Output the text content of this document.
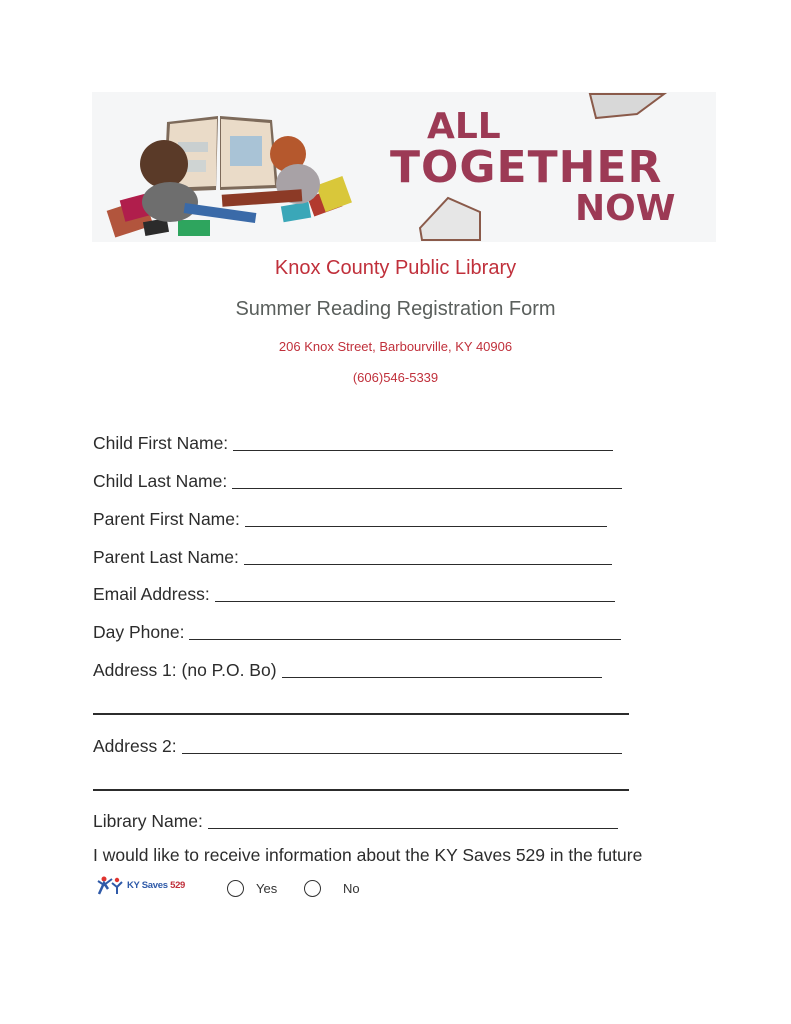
ALL
TOGETHER
NOW
Knox County Public Library
Summer Reading Registration Form
206 Knox Street, Barbourville, KY 40906
(606)546-5339
Child First Name:
Child Last Name:
Parent First Name:
Parent Last Name:
Email Address:
Day Phone:
Address 1: (no P.O. Bo)
Address 2:
Library Name:
I would like to receive information about the KY Saves 529 in the future
KY Saves 529	Yes	No
